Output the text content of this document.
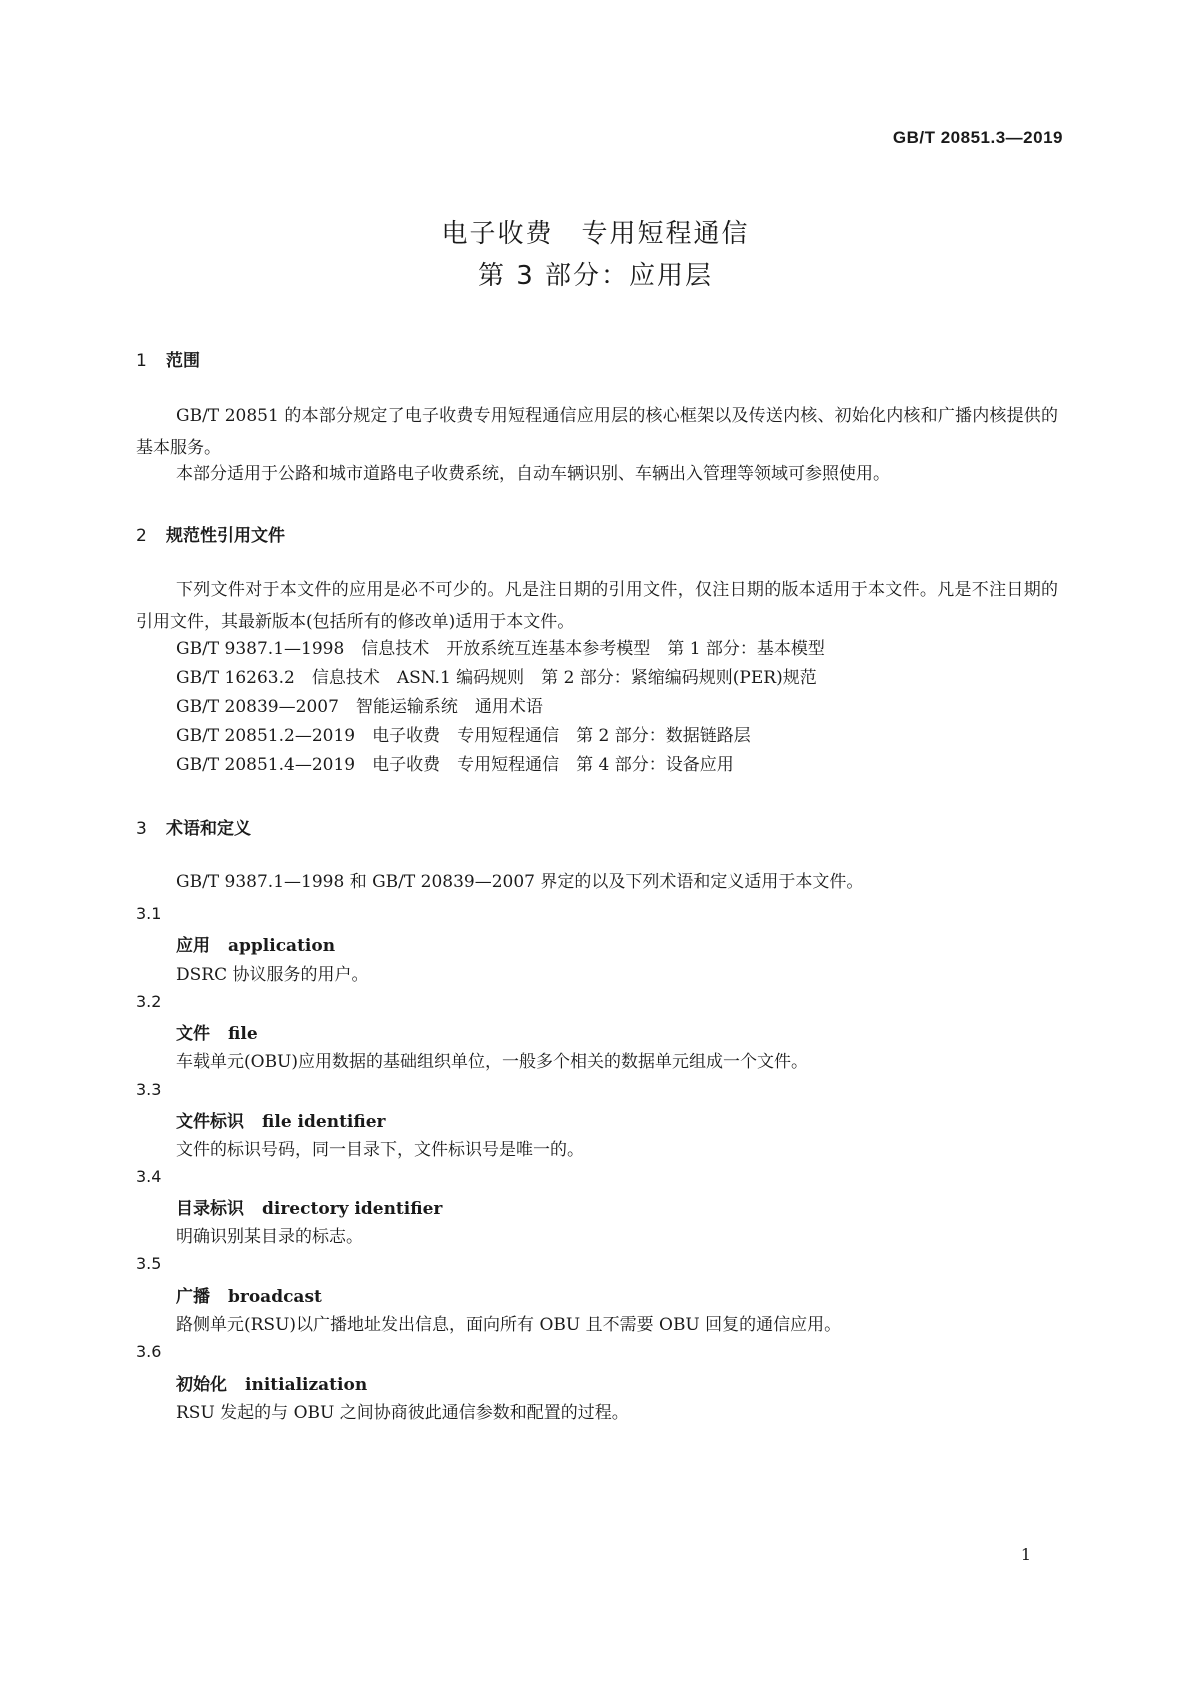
GB/T 20851.3—2019
电子收费　专用短程通信
第 3 部分：应用层
1 范围
GB/T 20851 的本部分规定了电子收费专用短程通信应用层的核心框架以及传送内核、初始化内核和广播内核提供的基本服务。
本部分适用于公路和城市道路电子收费系统，自动车辆识别、车辆出入管理等领域可参照使用。
2 规范性引用文件
下列文件对于本文件的应用是必不可少的。凡是注日期的引用文件，仅注日期的版本适用于本文件。凡是不注日期的引用文件，其最新版本(包括所有的修改单)适用于本文件。
GB/T 9387.1—1998　信息技术　开放系统互连基本参考模型　第 1 部分：基本模型
GB/T 16263.2　信息技术　ASN.1 编码规则　第 2 部分：紧缩编码规则(PER)规范
GB/T 20839—2007　智能运输系统　通用术语
GB/T 20851.2—2019　电子收费　专用短程通信　第 2 部分：数据链路层
GB/T 20851.4—2019　电子收费　专用短程通信　第 4 部分：设备应用
3 术语和定义
GB/T 9387.1—1998 和 GB/T 20839—2007 界定的以及下列术语和定义适用于本文件。
3.1
应用 application
DSRC 协议服务的用户。
3.2
文件 file
车载单元(OBU)应用数据的基础组织单位，一般多个相关的数据单元组成一个文件。
3.3
文件标识 file identifier
文件的标识号码，同一目录下，文件标识号是唯一的。
3.4
目录标识 directory identifier
明确识别某目录的标志。
3.5
广播 broadcast
路侧单元(RSU)以广播地址发出信息，面向所有 OBU 且不需要 OBU 回复的通信应用。
3.6
初始化 initialization
RSU 发起的与 OBU 之间协商彼此通信参数和配置的过程。
1
